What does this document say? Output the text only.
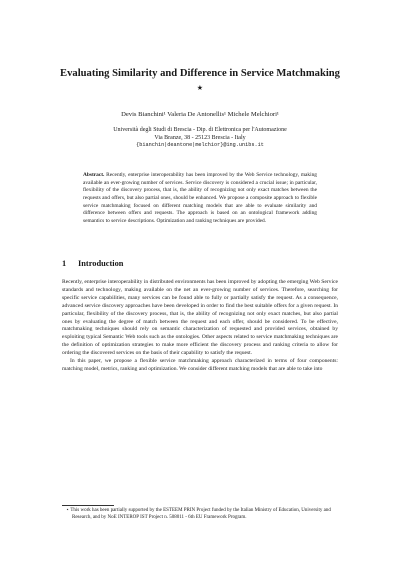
Evaluating Similarity and Difference in Service Matchmaking ⋆
Devis Bianchini¹ Valeria De Antonellis¹ Michele Melchiori¹
Università degli Studi di Brescia - Dip. di Elettronica per l'Automazione
Via Branze, 38 - 25123 Brescia - Italy
{bianchin|deantone|melchior}@ing.unibs.it
Abstract. Recently, enterprise interoperability has been improved by the Web Service technology, making available an ever-growing number of services. Service discovery is considered a crucial issue; in particular, flexibility of the discovery process, that is, the ability of recognizing not only exact matches between the requests and offers, but also partial ones, should be enhanced. We propose a composite approach to flexible service matchmaking focused on different matching models that are able to evaluate similarity and difference between offers and requests. The approach is based on an ontological framework adding semantics to service descriptions. Optimization and ranking techniques are provided.
1 Introduction

Recently, enterprise interoperability in distributed environments has been improved by adopting the emerging Web Service standards and technology, making available on the net an ever-growing number of services. Therefore, searching for specific service capabilities, many services can be found able to fully or partially satisfy the request. As a consequence, advanced service discovery approaches have been developed in order to find the best suitable offers for a given request. In particular, flexibility of the discovery process, that is, the ability of recognizing not only exact matches, but also partial ones by evaluating the degree of match between the request and each offer, should be considered. To be effective, matchmaking techniques should rely on semantic characterization of requested and provided services, obtained by exploiting typical Semantic Web tools such as the ontologies. Other aspects related to service matchmaking techniques are the definition of optimization strategies to make more efficient the discovery process and ranking criteria to allow for ordering the discovered services on the basis of their capability to satisfy the request.

In this paper, we propose a flexible service matchmaking approach characterized in terms of four components: matching model, metrics, ranking and optimization. We consider different matching models that are able to take into

⋆ This work has been partially supported by the ESTEEM PRIN Project funded by the Italian Ministry of Education, University and Research, and by NoE INTEROP IST Project n. 508011 - 6th EU Framework Program.
